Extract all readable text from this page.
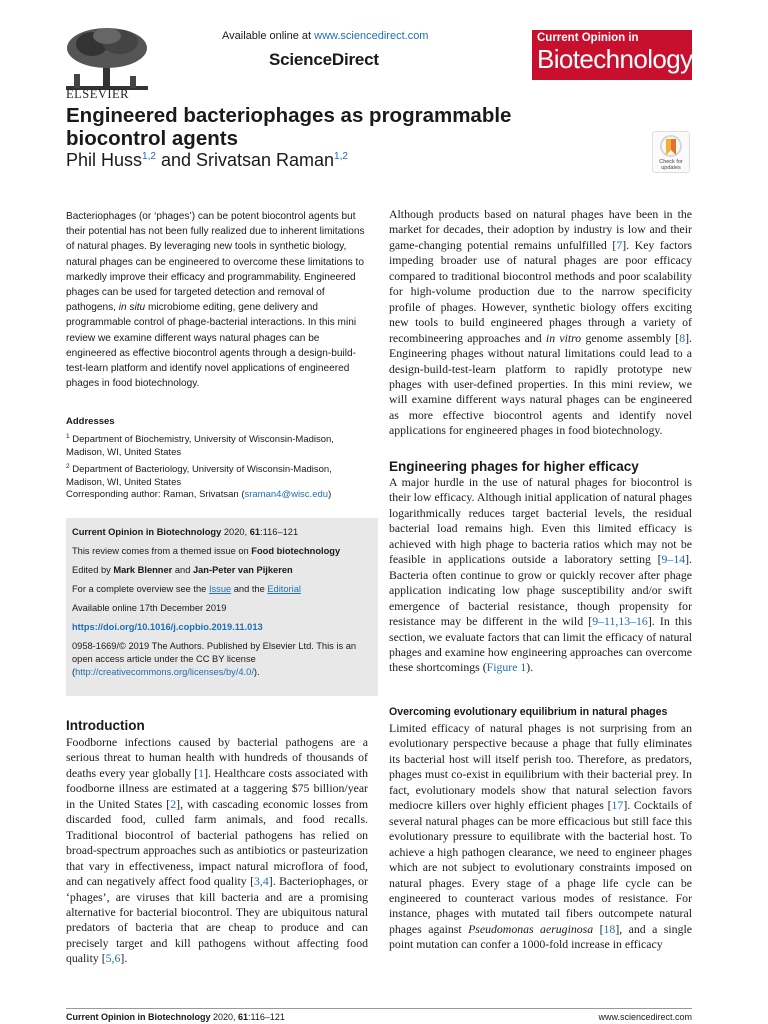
ELSEVIER
Available online at www.sciencedirect.com
ScienceDirect
Current Opinion in
Biotechnology
Engineered bacteriophages as programmable biocontrol agents
Phil Huss$^{1,2}$ and Srivatsan Raman$^{1,2}$	Check for updates
Bacteriophages (or ‘phages’) can be potent biocontrol agents but their potential has not been fully realized due to inherent limitations of natural phages. By leveraging new tools in synthetic biology, natural phages can be engineered to overcome these limitations to markedly improve their efficacy and programmability. Engineered phages can be used for targeted detection and removal of pathogens, in situ microbiome editing, gene delivery and programmable control of phage-bacterial interactions. In this mini review we examine different ways natural phages can be engineered as effective biocontrol agents through a design-build-test-learn platform and identify novel applications of engineered phages in food biotechnology.
Addresses

$^1$ Department of Biochemistry, University of Wisconsin-Madison, Madison, WI, United States

$^2$ Department of Bacteriology, University of Wisconsin-Madison, Madison, WI, United States

Corresponding author: Raman, Srivatsan (sraman4@wisc.edu)
Current Opinion in Biotechnology 2020, 61:116–121
This review comes from a themed issue on Food biotechnology
Edited by Mark Blenner and Jan-Peter van Pijkeren
For a complete overview see the Issue and the Editorial
Available online 17th December 2019
https://doi.org/10.1016/j.copbio.2019.11.013
0958-1669/© 2019 The Authors. Published by Elsevier Ltd. This is an open access article under the CC BY license (http://creativecommons.org/licenses/by/4.0/).
Introduction
Foodborne infections caused by bacterial pathogens are a serious threat to human health with hundreds of thousands of deaths every year globally [1]. Healthcare costs associated with foodborne illness are estimated at a taggering $75 billion/year in the United States [2], with cascading economic losses from discarded food, culled farm animals, and food recalls. Traditional biocontrol of bacterial pathogens has relied on broad-spectrum approaches such as antibiotics or pasteurization that vary in effectiveness, impact natural microflora of food, and can negatively affect food quality [3,4]. Bacteriophages, or ‘phages’, are viruses that kill bacteria and are a promising alternative for bacterial biocontrol. They are ubiquitous natural predators of bacteria that are cheap to produce and can precisely target and kill pathogens without affecting food quality [5,6].
Although products based on natural phages have been in the market for decades, their adoption by industry is low and their game-changing potential remains unfulfilled [7]. Key factors impeding broader use of natural phages are poor efficacy compared to traditional biocontrol methods and poor scalability for high-volume production due to the narrow specificity profile of phages. However, synthetic biology offers exciting new tools to build engineered phages through a variety of recombineering approaches and in vitro genome assembly [8]. Engineering phages without natural limitations could lead to a design-build-test-learn platform to rapidly prototype new phages with user-defined properties. In this mini review, we will examine different ways natural phages can be engineered as more effective biocontrol agents and identify novel applications for engineered phages in food biotechnology.
Engineering phages for higher efficacy
A major hurdle in the use of natural phages for biocontrol is their low efficacy. Although initial application of natural phages logarithmically reduces target bacterial levels, the residual bacterial load remains high. Even this limited efficacy is achieved with high phage to bacteria ratios which may not be feasible in applications outside a laboratory setting [9–14]. Bacteria often continue to grow or quickly recover after phage application indicating low phage susceptibility and/or swift emergence of bacterial resistance, though propensity for resistance may be different in the wild [9–11,13–16]. In this section, we evaluate factors that can limit the efficacy of natural phages and examine how engineering approaches can overcome these shortcomings (Figure 1).
Overcoming evolutionary equilibrium in natural phages
Limited efficacy of natural phages is not surprising from an evolutionary perspective because a phage that fully eliminates its bacterial host will itself perish too. Therefore, as predators, phages must co-exist in equilibrium with their bacterial prey. In fact, evolutionary models show that natural selection favors mediocre killers over highly efficient phages [17]. Cocktails of several natural phages can be more efficacious but still face this evolutionary pressure to equilibrate with the bacterial host. To achieve a high pathogen clearance, we need to engineer phages which are not subject to evolutionary constraints imposed on natural phages. Every stage of a phage life cycle can be engineered to counteract various modes of resistance. For instance, phages with mutated tail fibers outcompete natural phages against Pseudomonas aeruginosa [18], and a single point mutation can confer a 1000-fold increase in efficacy
Current Opinion in Biotechnology 2020, 61:116–121	www.sciencedirect.com
